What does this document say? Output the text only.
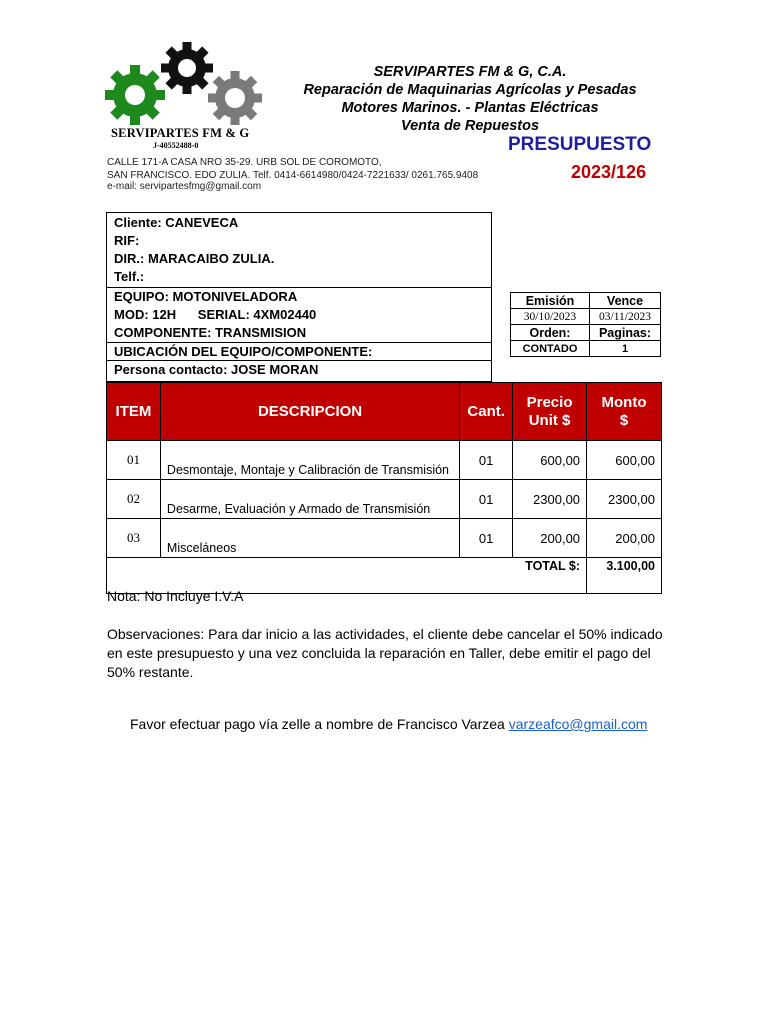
SERVIPARTES FM & G
J-40552488-0
SERVIPARTES FM & G, C.A.
Reparación de Maquinarias Agrícolas y Pesadas
Motores Marinos. - Plantas Eléctricas
Venta de Repuestos
CALLE 171-A CASA NRO 35-29. URB SOL DE COROMOTO,
SAN FRANCISCO. EDO ZULIA. Telf. 0414-6614980/0424-7221633/ 0261.765.9408
e-mail: servipartesfmg@gmail.com
PRESUPUESTO
2023/126
Cliente: CANEVECA
RIF:
DIR.: MARACAIBO ZULIA.
Telf.:
EQUIPO: MOTONIVELADORA
MOD: 12H      SERIAL: 4XM02440
COMPONENTE: TRANSMISION
UBICACIÓN DEL EQUIPO/COMPONENTE:
Persona contacto: JOSE MORAN
Emisión	Vence
30/10/2023	03/11/2023
Orden:	Paginas:
CONTADO	1
ITEM	DESCRIPCION	Cant.	Precio Unit $	Monto $
01	Desmontaje, Montaje y Calibración de Transmisión	01	600,00	600,00
02	Desarme, Evaluación y Armado de Transmisión	01	2300,00	2300,00
03	Misceláneos	01	200,00	200,00
TOTAL $:				3.100,00
Nota: No Incluye I.V.A
Observaciones: Para dar inicio a las actividades, el cliente debe cancelar el 50% indicado en este presupuesto y una vez concluida la reparación en Taller, debe emitir el pago del 50% restante.
Favor efectuar pago vía zelle a nombre de Francisco Varzea varzeafco@gmail.com
